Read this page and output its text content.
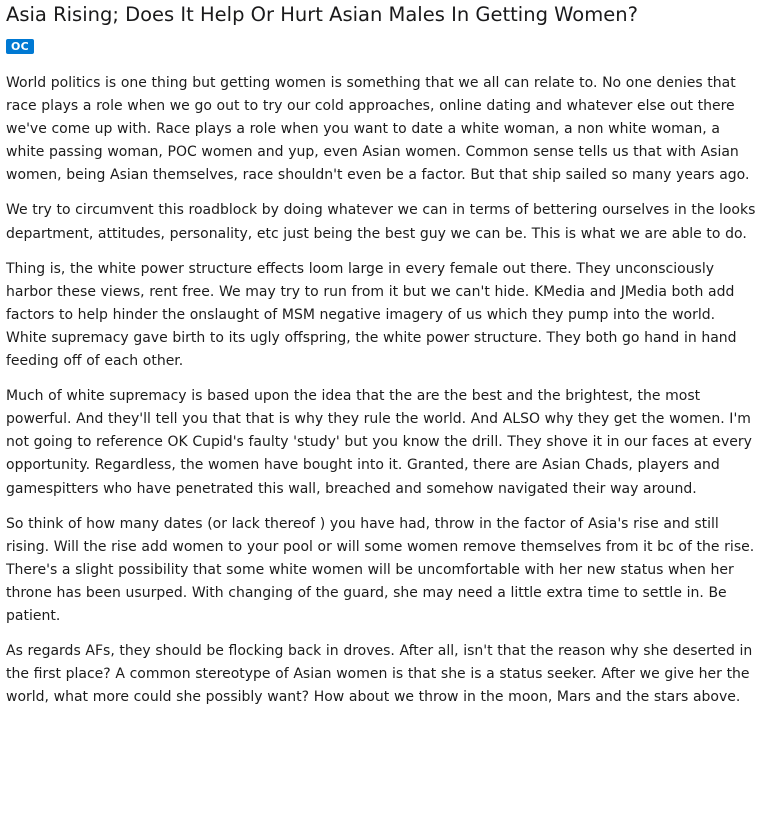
Asia Rising; Does It Help Or Hurt Asian Males In Getting Women?
OC

World politics is one thing but getting women is something that we all can relate to. No one denies that race plays a role when we go out to try our cold approaches, online dating and whatever else out there we've come up with. Race plays a role when you want to date a white woman, a non white woman, a white passing woman, POC women and yup, even Asian women. Common sense tells us that with Asian women, being Asian themselves, race shouldn't even be a factor. But that ship sailed so many years ago.

We try to circumvent this roadblock by doing whatever we can in terms of bettering ourselves in the looks department, attitudes, personality, etc just being the best guy we can be. This is what we are able to do.

Thing is, the white power structure effects loom large in every female out there. They unconsciously harbor these views, rent free. We may try to run from it but we can't hide. KMedia and JMedia both add factors to help hinder the onslaught of MSM negative imagery of us which they pump into the world. White supremacy gave birth to its ugly offspring, the white power structure. They both go hand in hand feeding off of each other.

Much of white supremacy is based upon the idea that the are the best and the brightest, the most powerful. And they'll tell you that that is why they rule the world. And ALSO why they get the women. I'm not going to reference OK Cupid's faulty 'study' but you know the drill. They shove it in our faces at every opportunity. Regardless, the women have bought into it. Granted, there are Asian Chads, players and gamespitters who have penetrated this wall, breached and somehow navigated their way around.

So think of how many dates (or lack thereof ) you have had, throw in the factor of Asia's rise and still rising. Will the rise add women to your pool or will some women remove themselves from it bc of the rise. There's a slight possibility that some white women will be uncomfortable with her new status when her throne has been usurped. With changing of the guard, she may need a little extra time to settle in. Be patient.

As regards AFs, they should be flocking back in droves. After all, isn't that the reason why she deserted in the first place? A common stereotype of Asian women is that she is a status seeker. After we give her the world, what more could she possibly want? How about we throw in the moon, Mars and the stars above.
